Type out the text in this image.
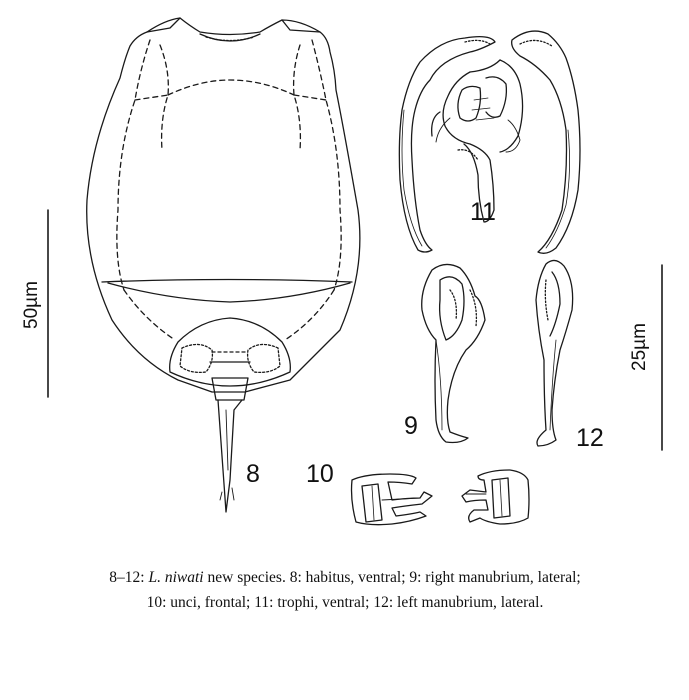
8
9
10
11
12
50µm
25µm
8–12: L. niwati new species. 8: habitus, ventral; 9: right manubrium, lateral;
10: unci, frontal; 11: trophi, ventral; 12: left manubrium, lateral.
